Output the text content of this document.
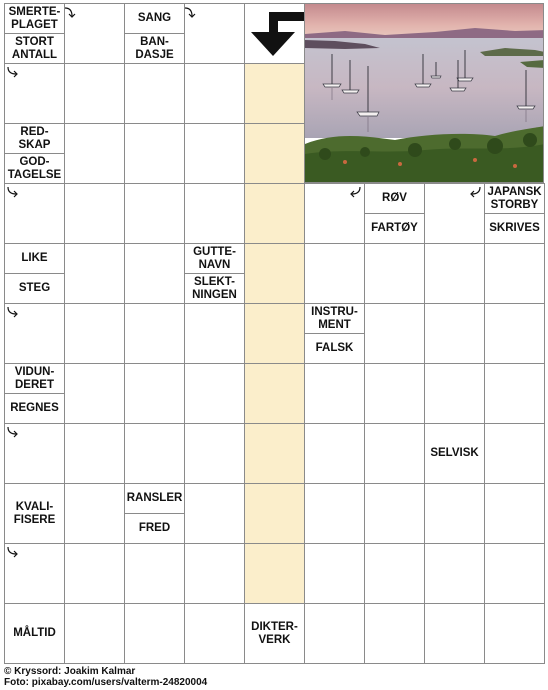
SMERTE-
PLAGET
STORT
ANTALL
SANG
BAN-
DASJE
RED-
SKAP
GOD-
TAGELSE
RØV
FARTØY
JAPANSK
STORBY
SKRIVES
LIKE
STEG
GUTTE-
NAVN
SLEKT-
NINGEN
INSTRU-
MENT
FALSK
VIDUN-
DERET
REGNES
SELVISK
KVALI-
FISERE
RANSLER
FRED
MÅLTID
DIKTER-
VERK
© Kryssord: Joakim Kalmar
Foto: pixabay.com/users/valterm-24820004
